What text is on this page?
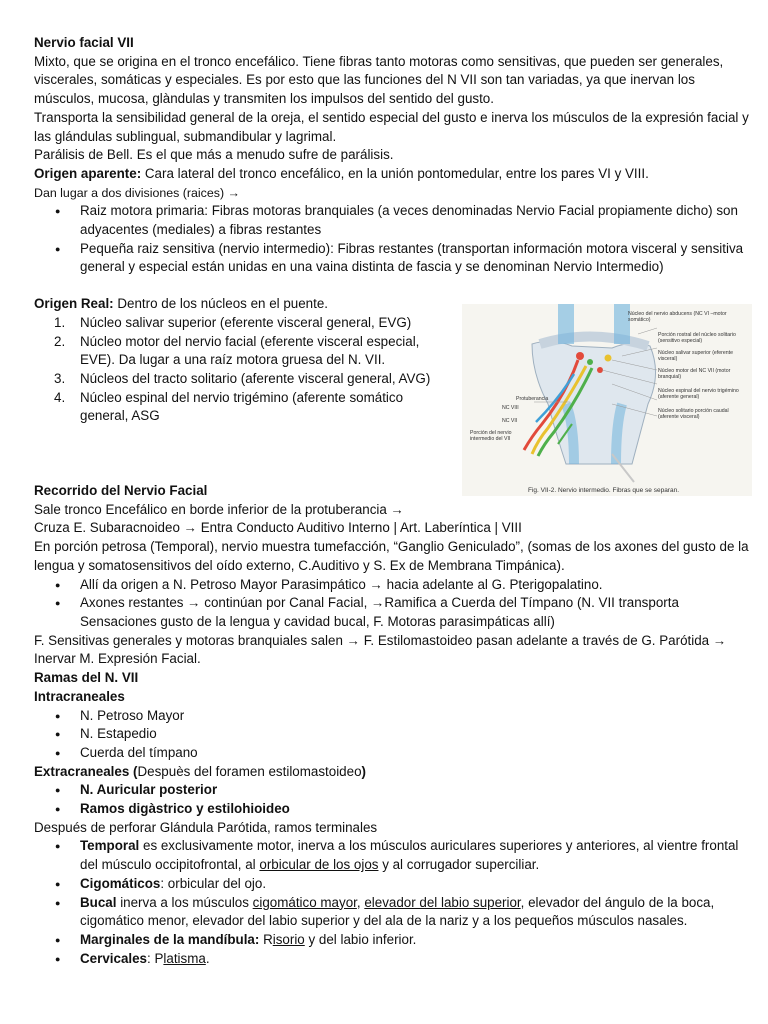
Nervio facial VII

Mixto, que se origina en el tronco encefálico. Tiene fibras tanto motoras como sensitivas, que pueden ser generales, viscerales, somáticas y especiales. Es por esto que las funciones del N VII son tan variadas, ya que inervan los músculos, mucosa, glàndulas y transmiten los impulsos del sentido del gusto.

Transporta la sensibilidad general de la oreja, el sentido especial del gusto e inerva los músculos de la expresión facial y las glándulas sublingual, submandibular y lagrimal.

Parálisis de Bell. Es el que más a menudo sufre de parálisis.

Origen aparente: Cara lateral del tronco encefálico, en la unión pontomedular, entre los pares VI y VIII.

Dan lugar a dos divisiones (raices) →

● Raiz motora primaria: Fibras motoras branquiales (a veces denominadas Nervio Facial propiamente dicho) son adyacentes (mediales) a fibras restantes
● Pequeña raiz sensitiva (nervio intermedio): Fibras restantes (transportan información motora visceral y sensitiva general y especial están unidas en una vaina distinta de fascia y se denominan Nervio Intermedio)

Origen Real: Dentro de los núcleos en el puente.

1. Núcleo salivar superior (eferente visceral general, EVG)
2. Núcleo motor del nervio facial (eferente visceral especial, EVE). Da lugar a una raíz motora gruesa del N. VII.
3. Núcleos del tracto solitario (aferente visceral general, AVG)
4. Núcleo espinal del nervio trigémino (aferente somático general, ASG

Recorrido del Nervio Facial

Sale tronco Encefálico en borde inferior de la protuberancia →

Cruza E. Subaracnoideo → Entra Conducto Auditivo Interno | Art. Laberíntica | VIII

En porción petrosa (Temporal), nervio muestra tumefacción, “Ganglio Geniculado”, (somas de los axones del gusto de la lengua y somatosensitivos del oído externo, C.Auditivo y S. Ex de Membrana Timpánica).

● Allí da origen a N. Petroso Mayor Parasimpático → hacia adelante al G. Pterigopalatino.
● Axones restantes → continúan por Canal Facial, →Ramifica a Cuerda del Tímpano (N. VII transporta Sensaciones gusto de la lengua y cavidad bucal, F. Motoras parasimpáticas allí)

F. Sensitivas generales y motoras branquiales salen → F. Estilomastoideo pasan adelante a través de G. Parótida → Inervar M. Expresión Facial.

Ramas del N. VII

Intracraneales

● N. Petroso Mayor
● N. Estapedio
● Cuerda del tímpano

Extracraneales (Despuès del foramen estilomastoideo)

● N. Auricular posterior
● Ramos digàstrico y estilohioideo

Después de perforar Glándula Parótida, ramos terminales

● Temporal es exclusivamente motor, inerva a los músculos auriculares superiores y anteriores, al vientre frontal del músculo occipitofrontal, al orbicular de los ojos y al corrugador superciliar.
● Cigomáticos: orbicular del ojo.
● Bucal inerva a los músculos cigomático mayor, elevador del labio superior, elevador del ángulo de la boca, cigomático menor, elevador del labio superior y del ala de la nariz y a los pequeños músculos nasales.
● Marginales de la mandíbula: Risorio y del labio inferior.
● Cervicales: Platisma.
Núcleo del nervio abducens (NC VI –motor somático)
Porción rostral del núcleo solitario (sensitivo especial)
Núcleo salivar superior (eferente visceral)
Núcleo motor del NC VII (motor branquial)
Núcleo espinal del nervio trigémino (aferente general)
Núcleo solitario porción caudal (aferente visceral)
Protuberancia
NC VIII
NC VII
Porción del nervio intermedio del VII
Fig. VII-2. Nervio intermedio. Fibras que se separan.
